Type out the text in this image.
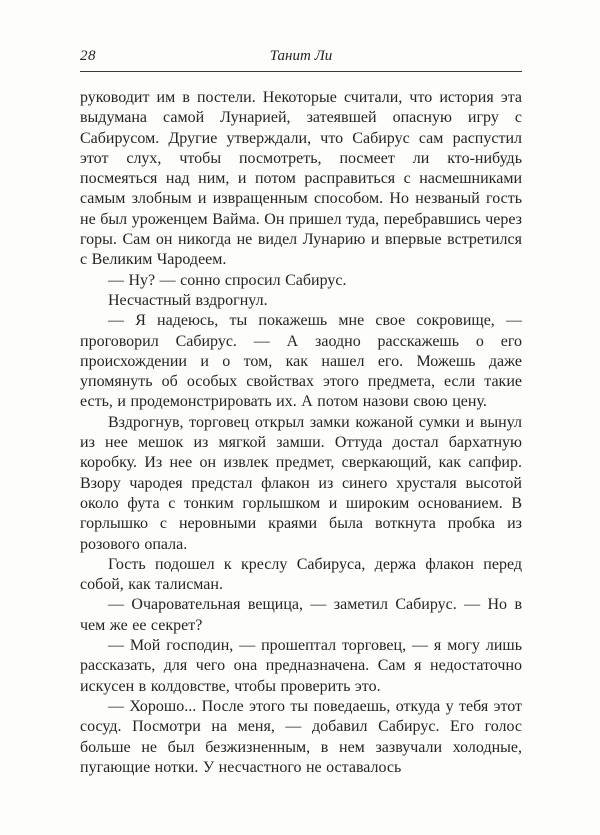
28	Танит Ли

руководит им в постели. Некоторые считали, что история эта выдумана самой Лунарией, затеявшей опасную игру с Сабирусом. Другие утверждали, что Сабирус сам распустил этот слух, чтобы посмотреть, посмеет ли кто-нибудь посмеяться над ним, и потом расправиться с насмешниками самым злобным и извращенным способом. Но незваный гость не был уроженцем Вайма. Он пришел туда, перебравшись через горы. Сам он никогда не видел Лунарию и впервые встретился с Великим Чародеем.

— Ну? — сонно спросил Сабирус.

Несчастный вздрогнул.

— Я надеюсь, ты покажешь мне свое сокровище, — проговорил Сабирус. — А заодно расскажешь о его происхождении и о том, как нашел его. Можешь даже упомянуть об особых свойствах этого предмета, если такие есть, и продемонстрировать их. А потом назови свою цену.

Вздрогнув, торговец открыл замки кожаной сумки и вынул из нее мешок из мягкой замши. Оттуда достал бархатную коробку. Из нее он извлек предмет, сверкающий, как сапфир. Взору чародея предстал флакон из синего хрусталя высотой около фута с тонким горлышком и широким основанием. В горлышко с неровными краями была воткнута пробка из розового опала.

Гость подошел к креслу Сабируса, держа флакон перед собой, как талисман.

— Очаровательная вещица, — заметил Сабирус. — Но в чем же ее секрет?

— Мой господин, — прошептал торговец, — я могу лишь рассказать, для чего она предназначена. Сам я недостаточно искусен в колдовстве, чтобы проверить это.

— Хорошо... После этого ты поведаешь, откуда у тебя этот сосуд. Посмотри на меня, — добавил Сабирус. Его голос больше не был безжизненным, в нем зазвучали холодные, пугающие нотки. У несчастного не оставалось
